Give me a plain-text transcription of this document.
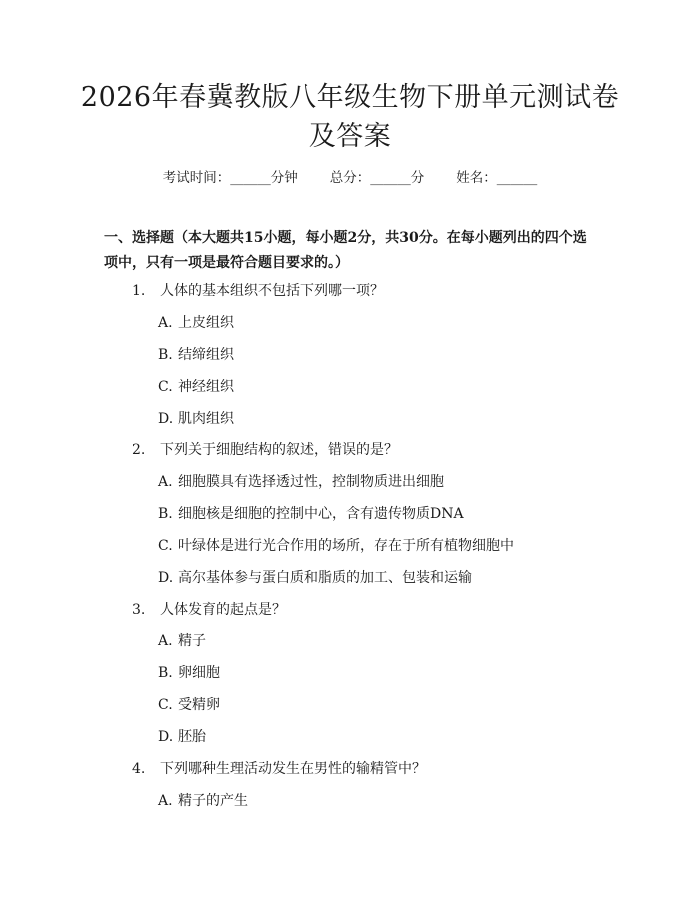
2026年春冀教版八年级生物下册单元测试卷
及答案
考试时间：______分钟 总分：______分 姓名：______
一、选择题（本大题共15小题，每小题2分，共30分。在每小题列出的四个选项中，只有一项是最符合题目要求的。）
1. 人体的基本组织不包括下列哪一项？
A. 上皮组织
B. 结缔组织
C. 神经组织
D. 肌肉组织
2. 下列关于细胞结构的叙述，错误的是？
A. 细胞膜具有选择透过性，控制物质进出细胞
B. 细胞核是细胞的控制中心，含有遗传物质DNA
C. 叶绿体是进行光合作用的场所，存在于所有植物细胞中
D. 高尔基体参与蛋白质和脂质的加工、包装和运输
3. 人体发育的起点是？
A. 精子
B. 卵细胞
C. 受精卵
D. 胚胎
4. 下列哪种生理活动发生在男性的输精管中？
A. 精子的产生
